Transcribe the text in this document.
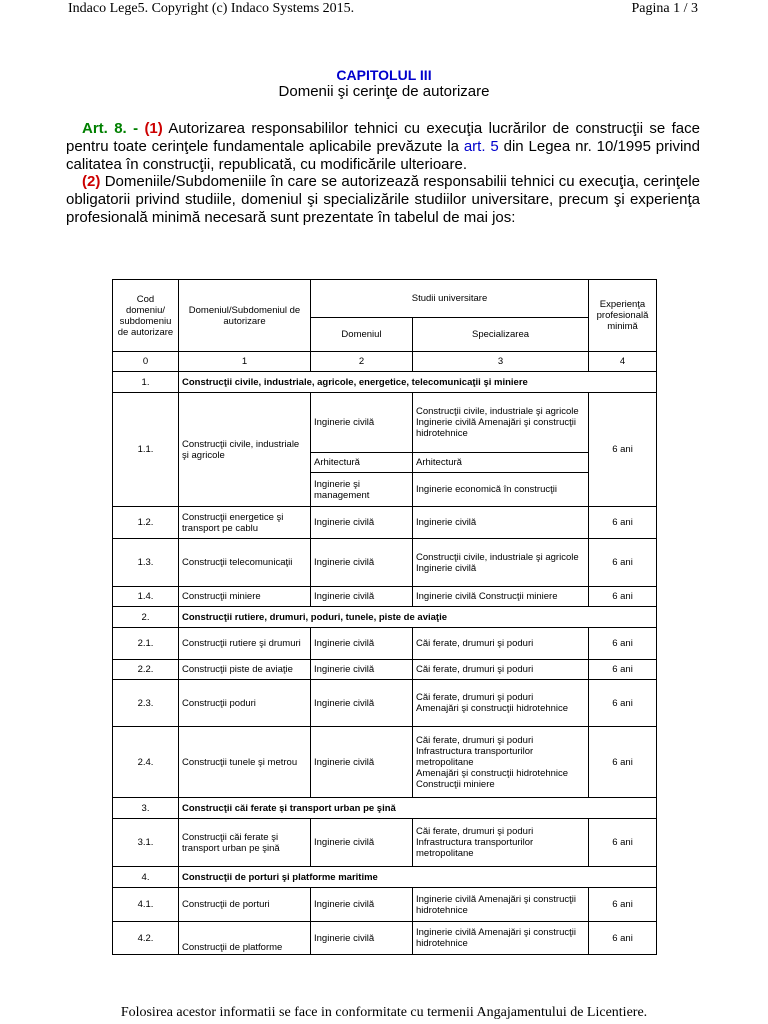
Indaco Lege5. Copyright (c) Indaco Systems 2015.	Pagina 1 / 3
CAPITOLUL III
Domenii şi cerinţe de autorizare
Art. 8. - (1) Autorizarea responsabililor tehnici cu execuţia lucrărilor de construcţii se face pentru toate cerinţele fundamentale aplicabile prevăzute la art. 5 din Legea nr. 10/1995 privind calitatea în construcţii, republicată, cu modificările ulterioare.
(2) Domeniile/Subdomeniile în care se autorizează responsabilii tehnici cu execuţia, cerinţele obligatorii privind studiile, domeniul şi specializările studiilor universitare, precum şi experienţa profesională minimă necesară sunt prezentate în tabelul de mai jos:
Cod domeniu/ subdomeniu de autorizare	Domeniul/Subdomeniul de autorizare	Studii universitare		Experienţa profesională minimă
		Domeniul	Specializarea	
0	1	2	3	4
1.	Construcţii civile, industriale, agricole, energetice, telecomunicaţii şi miniere			
1.1.	Construcţii civile, industriale şi agricole	Inginerie civilă	Construcţii civile, industriale şi agricole
Inginerie civilă Amenajări şi construcţii hidrotehnice	6 ani
		Arhitectură	Arhitectură	
		Inginerie şi management	Inginerie economică în construcţii	
1.2.	Construcţii energetice şi transport pe cablu	Inginerie civilă	Inginerie civilă	6 ani
1.3.	Construcţii telecomunicaţii	Inginerie civilă	Construcţii civile, industriale şi agricole
Inginerie civilă	6 ani
1.4.	Construcţii miniere	Inginerie civilă	Inginerie civilă Construcţii miniere	6 ani
2.	Construcţii rutiere, drumuri, poduri, tunele, piste de aviaţie			
2.1.	Construcţii rutiere şi drumuri	Inginerie civilă	Căi ferate, drumuri şi poduri	6 ani
2.2.	Construcţii piste de aviaţie	Inginerie civilă	Căi ferate, drumuri şi poduri	6 ani
2.3.	Construcţii poduri	Inginerie civilă	Căi ferate, drumuri şi poduri
Amenajări şi construcţii hidrotehnice	6 ani
2.4.	Construcţii tunele şi metrou	Inginerie civilă	Căi ferate, drumuri şi poduri
Infrastructura transporturilor metropolitane
Amenajări şi construcţii hidrotehnice Construcţii miniere	6 ani
3.	Construcţii căi ferate şi transport urban pe şină			
3.1.	Construcţii căi ferate şi transport urban pe şină	Inginerie civilă	Căi ferate, drumuri şi poduri
Infrastructura transporturilor metropolitane	6 ani
4.	Construcţii de porturi şi platforme maritime			
4.1.	Construcţii de porturi	Inginerie civilă	Inginerie civilă Amenajări şi construcţii hidrotehnice	6 ani
4.2.	Construcţii de platforme	Inginerie civilă	Inginerie civilă Amenajări şi construcţii hidrotehnice	6 ani
Folosirea acestor informatii se face in conformitate cu termenii Angajamentului de Licentiere.
